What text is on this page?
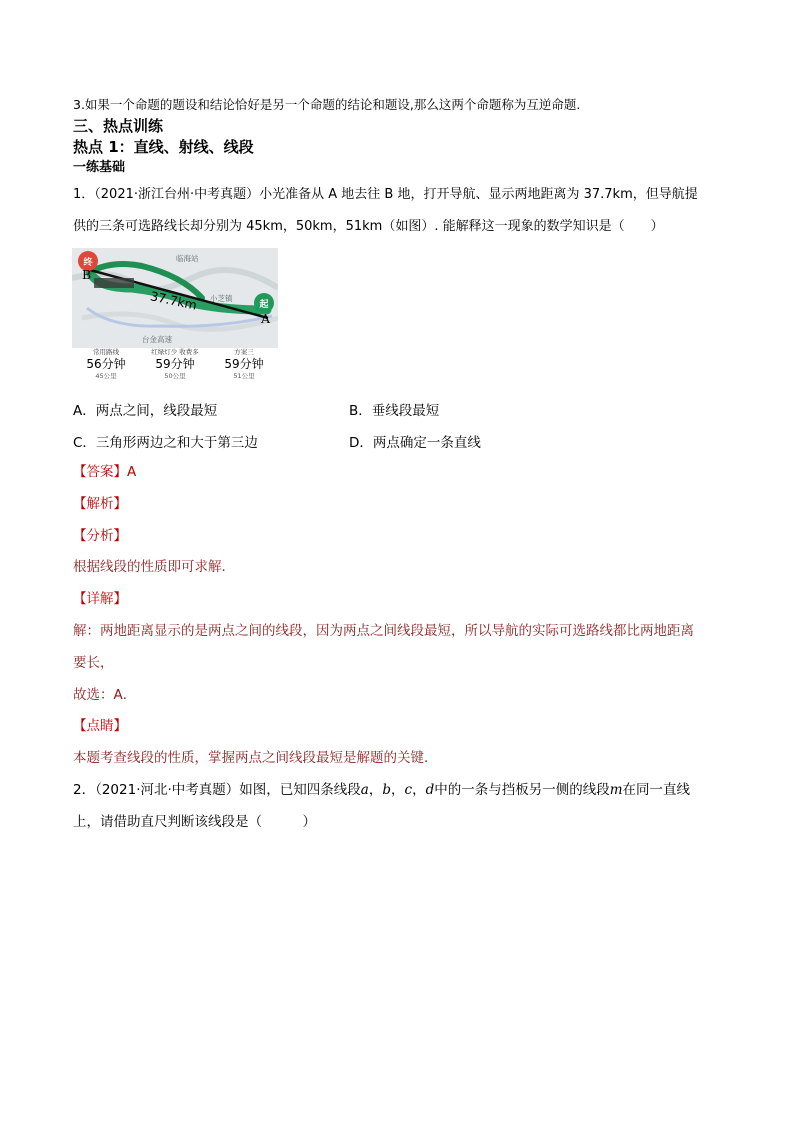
3.如果一个命题的题设和结论恰好是另一个命题的结论和题设,那么这两个命题称为互逆命题.
三、热点训练
热点 1：直线、射线、线段
一练基础
1．（2021·浙江台州·中考真题）小光准备从 A 地去往 B 地，打开导航、显示两地距离为 37.7km，但导航提
供的三条可选路线长却分别为 45km，50km，51km（如图）. 能解释这一现象的数学知识是（　　）
终
起
B
A
37.7km
临海站
小芝镇
台金高速
常用路线
56分钟
45公里
红绿灯少 收费多
59分钟
50公里
方案三
59分钟
51公里
A．两点之间，线段最短	B．垂线段最短
C．三角形两边之和大于第三边	D．两点确定一条直线
【答案】A
【解析】
【分析】
根据线段的性质即可求解．
【详解】
解：两地距离显示的是两点之间的线段，因为两点之间线段最短，所以导航的实际可选路线都比两地距离
要长，
故选：A．
【点睛】
本题考查线段的性质，掌握两点之间线段最短是解题的关键．
2．（2021·河北·中考真题）如图，已知四条线段a，b，c，d中的一条与挡板另一侧的线段m在同一直线
上，请借助直尺判断该线段是（　　　）
